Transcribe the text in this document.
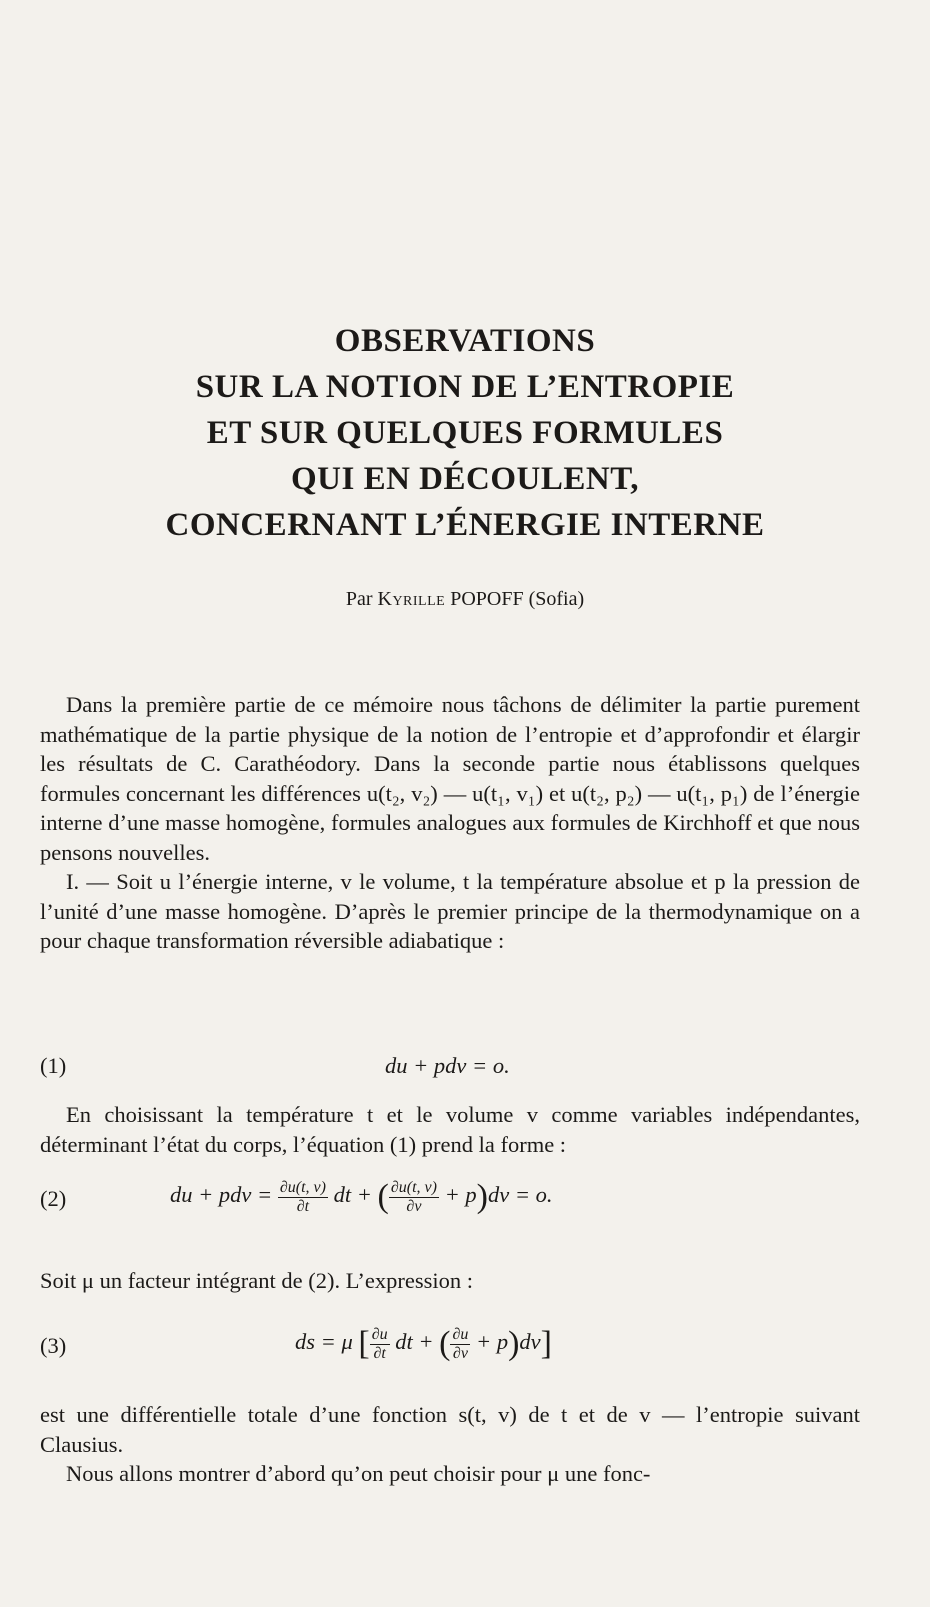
OBSERVATIONS
SUR LA NOTION DE L’ENTROPIE
ET SUR QUELQUES FORMULES
QUI EN DÉCOULENT,
CONCERNANT L’ÉNERGIE INTERNE
Par Kyrille POPOFF (Sofia)

Dans la première partie de ce mémoire nous tâchons de délimiter la partie purement mathématique de la partie physique de la notion de l’entropie et d’approfondir et élargir les résultats de C. Carathéodory. Dans la seconde partie nous établissons quelques formules concernant les différences u(t₂, v₂) — u(t₁, v₁) et u(t₂, p₂) — u(t₁, p₁) de l’énergie interne d’une masse homogène, formules analogues aux formules de Kirchhoff et que nous pensons nouvelles.

I. — Soit u l’énergie interne, v le volume, t la température absolue et p la pression de l’unité d’une masse homogène. D’après le premier principe de la thermodynamique on a pour chaque transformation réversible adiabatique :

(1)	du + pdv = o.

En choisissant la température t et le volume v comme variables indépendantes, déterminant l’état du corps, l’équation (1) prend la forme :

(2)	du + pdv = $\frac{\partial u(t, v)}{\partial t}$ dt + ( $\frac{\partial u(t, v)}{\partial v} + p)dv = o$.

Soit μ un facteur intégrant de (2). L’expression :

(3)	ds = μ [ $\frac{\partial u}{\partial t}$ dt + ( $\frac{\partial u}{\partial v} + p)dv$]

est une différentielle totale d’une fonction s(t, v) de t et de v — l’entropie suivant Clausius.

Nous allons montrer d’abord qu’on peut choisir pour μ une fonc-
